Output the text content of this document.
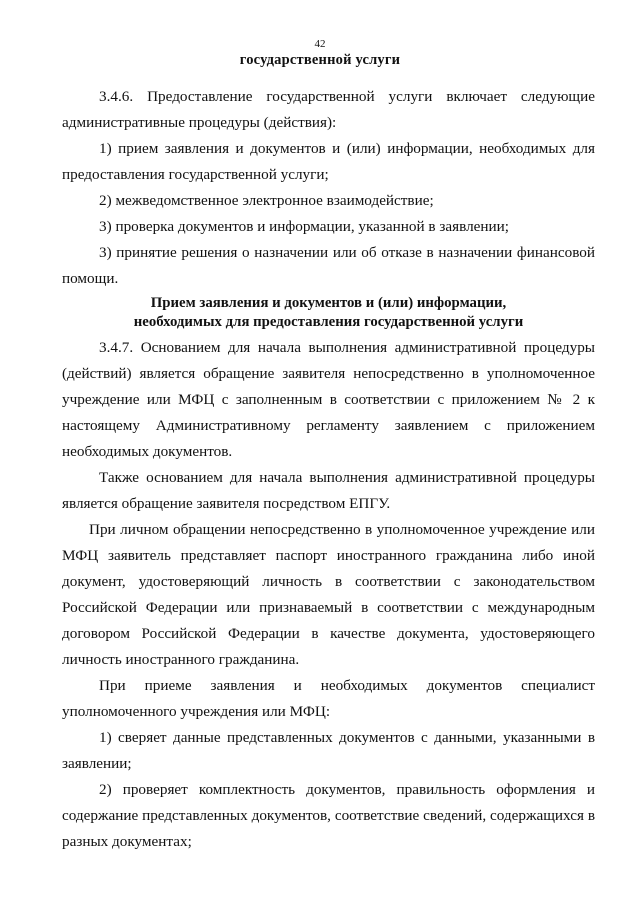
42
государственной услуги

3.4.6. Предоставление государственной услуги включает следующие административные процедуры (действия):

1) прием заявления и документов и (или) информации, необходимых для предоставления государственной услуги;

2) межведомственное электронное взаимодействие;

3) проверка документов и информации, указанной в заявлении;

3) принятие решения о назначении или об отказе в назначении финансовой помощи.

Прием заявления и документов и (или) информации,
необходимых для предоставления государственной услуги

3.4.7. Основанием для начала выполнения административной процедуры (действий) является обращение заявителя непосредственно в уполномоченное учреждение или МФЦ с заполненным в соответствии с приложением № 2 к настоящему Административному регламенту заявлением с приложением необходимых документов.

Также основанием для начала выполнения административной процедуры является обращение заявителя посредством ЕПГУ.

При личном обращении непосредственно в уполномоченное учреждение или МФЦ заявитель представляет паспорт иностранного гражданина либо иной документ, удостоверяющий личность в соответствии с законодательством Российской Федерации или признаваемый в соответствии с международным договором Российской Федерации в качестве документа, удостоверяющего личность иностранного гражданина.

При приеме заявления и необходимых документов специалист уполномоченного учреждения или МФЦ:

1) сверяет данные представленных документов с данными, указанными в заявлении;

2) проверяет комплектность документов, правильность оформления и содержание представленных документов, соответствие сведений, содержащихся в разных документах;
